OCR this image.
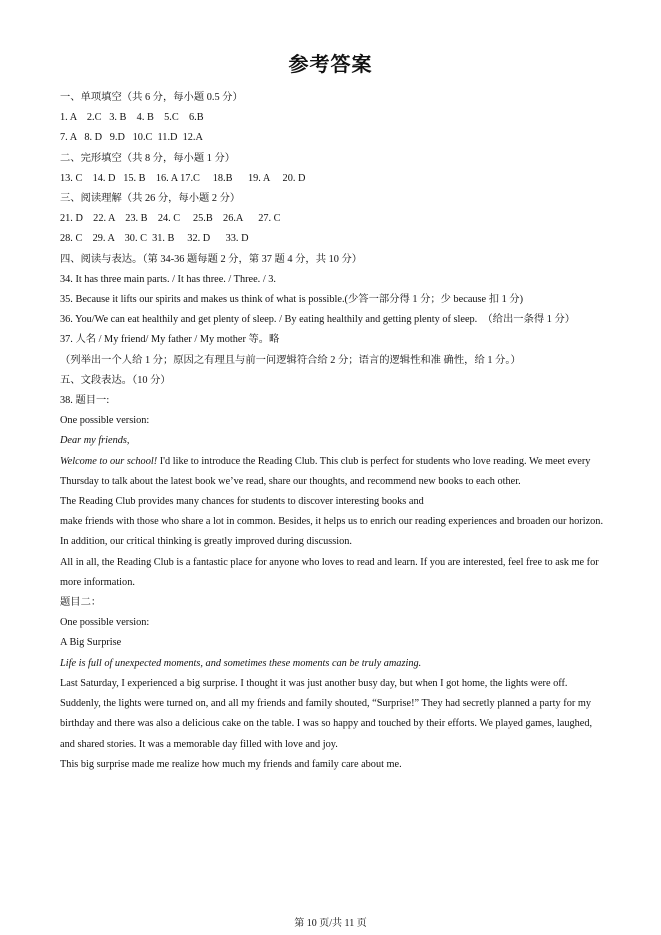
参考答案

一、单项填空（共 6 分，每小题 0.5 分）

1. A    2.C   3. B    4. B    5.C    6.B

7. A   8. D   9.D   10.C  11.D  12.A

二、完形填空（共 8 分，每小题 1 分）

13. C    14. D   15. B    16. A 17.C     18.B      19. A     20. D

三、阅读理解（共 26 分，每小题 2 分）

21. D    22. A    23. B    24. C     25.B    26.A      27. C

28. C    29. A    30. C  31. B     32. D      33. D

四、阅读与表达。（第 34-36 题每题 2 分，第 37 题 4 分，共 10 分）

34. It has three main parts. / It has three. / Three. / 3.

35. Because it lifts our spirits and makes us think of what is possible.(少答一部分得 1 分；少 because 扣 1 分)

36. You/We can eat healthily and get plenty of sleep. / By eating healthily and getting plenty of sleep.  （给出一条得 1 分）

37. 人名 / My friend/ My father / My mother 等。略

（列举出一个人给 1 分；原因之有理且与前一问逻辑符合给 2 分；语言的逻辑性和准 确性，给 1 分。）

五、文段表达。（10 分）

38. 题目一:

One possible version:

Dear my friends,

Welcome to our school! I'd like to introduce the Reading Club. This club is perfect for students who love reading. We meet every Thursday to talk about the latest book we’ve read, share our thoughts, and recommend new books to each other.

The Reading Club provides many chances for students to discover interesting books and

make friends with those who share a lot in common. Besides, it helps us to enrich our reading experiences and broaden our horizon. In addition, our critical thinking is greatly improved during discussion.

All in all, the Reading Club is a fantastic place for anyone who loves to read and learn. If you are interested, feel free to ask me for more information.

题目二：

One possible version:

A Big Surprise

Life is full of unexpected moments, and sometimes these moments can be truly amazing.

Last Saturday, I experienced a big surprise. I thought it was just another busy day, but when I got home, the lights were off. Suddenly, the lights were turned on, and all my friends and family shouted, “Surprise!” They had secretly planned a party for my birthday and there was also a delicious cake on the table. I was so happy and touched by their efforts. We played games, laughed, and shared stories. It was a memorable day filled with love and joy.

This big surprise made me realize how much my friends and family care about me.

第 10 页/共 11 页
